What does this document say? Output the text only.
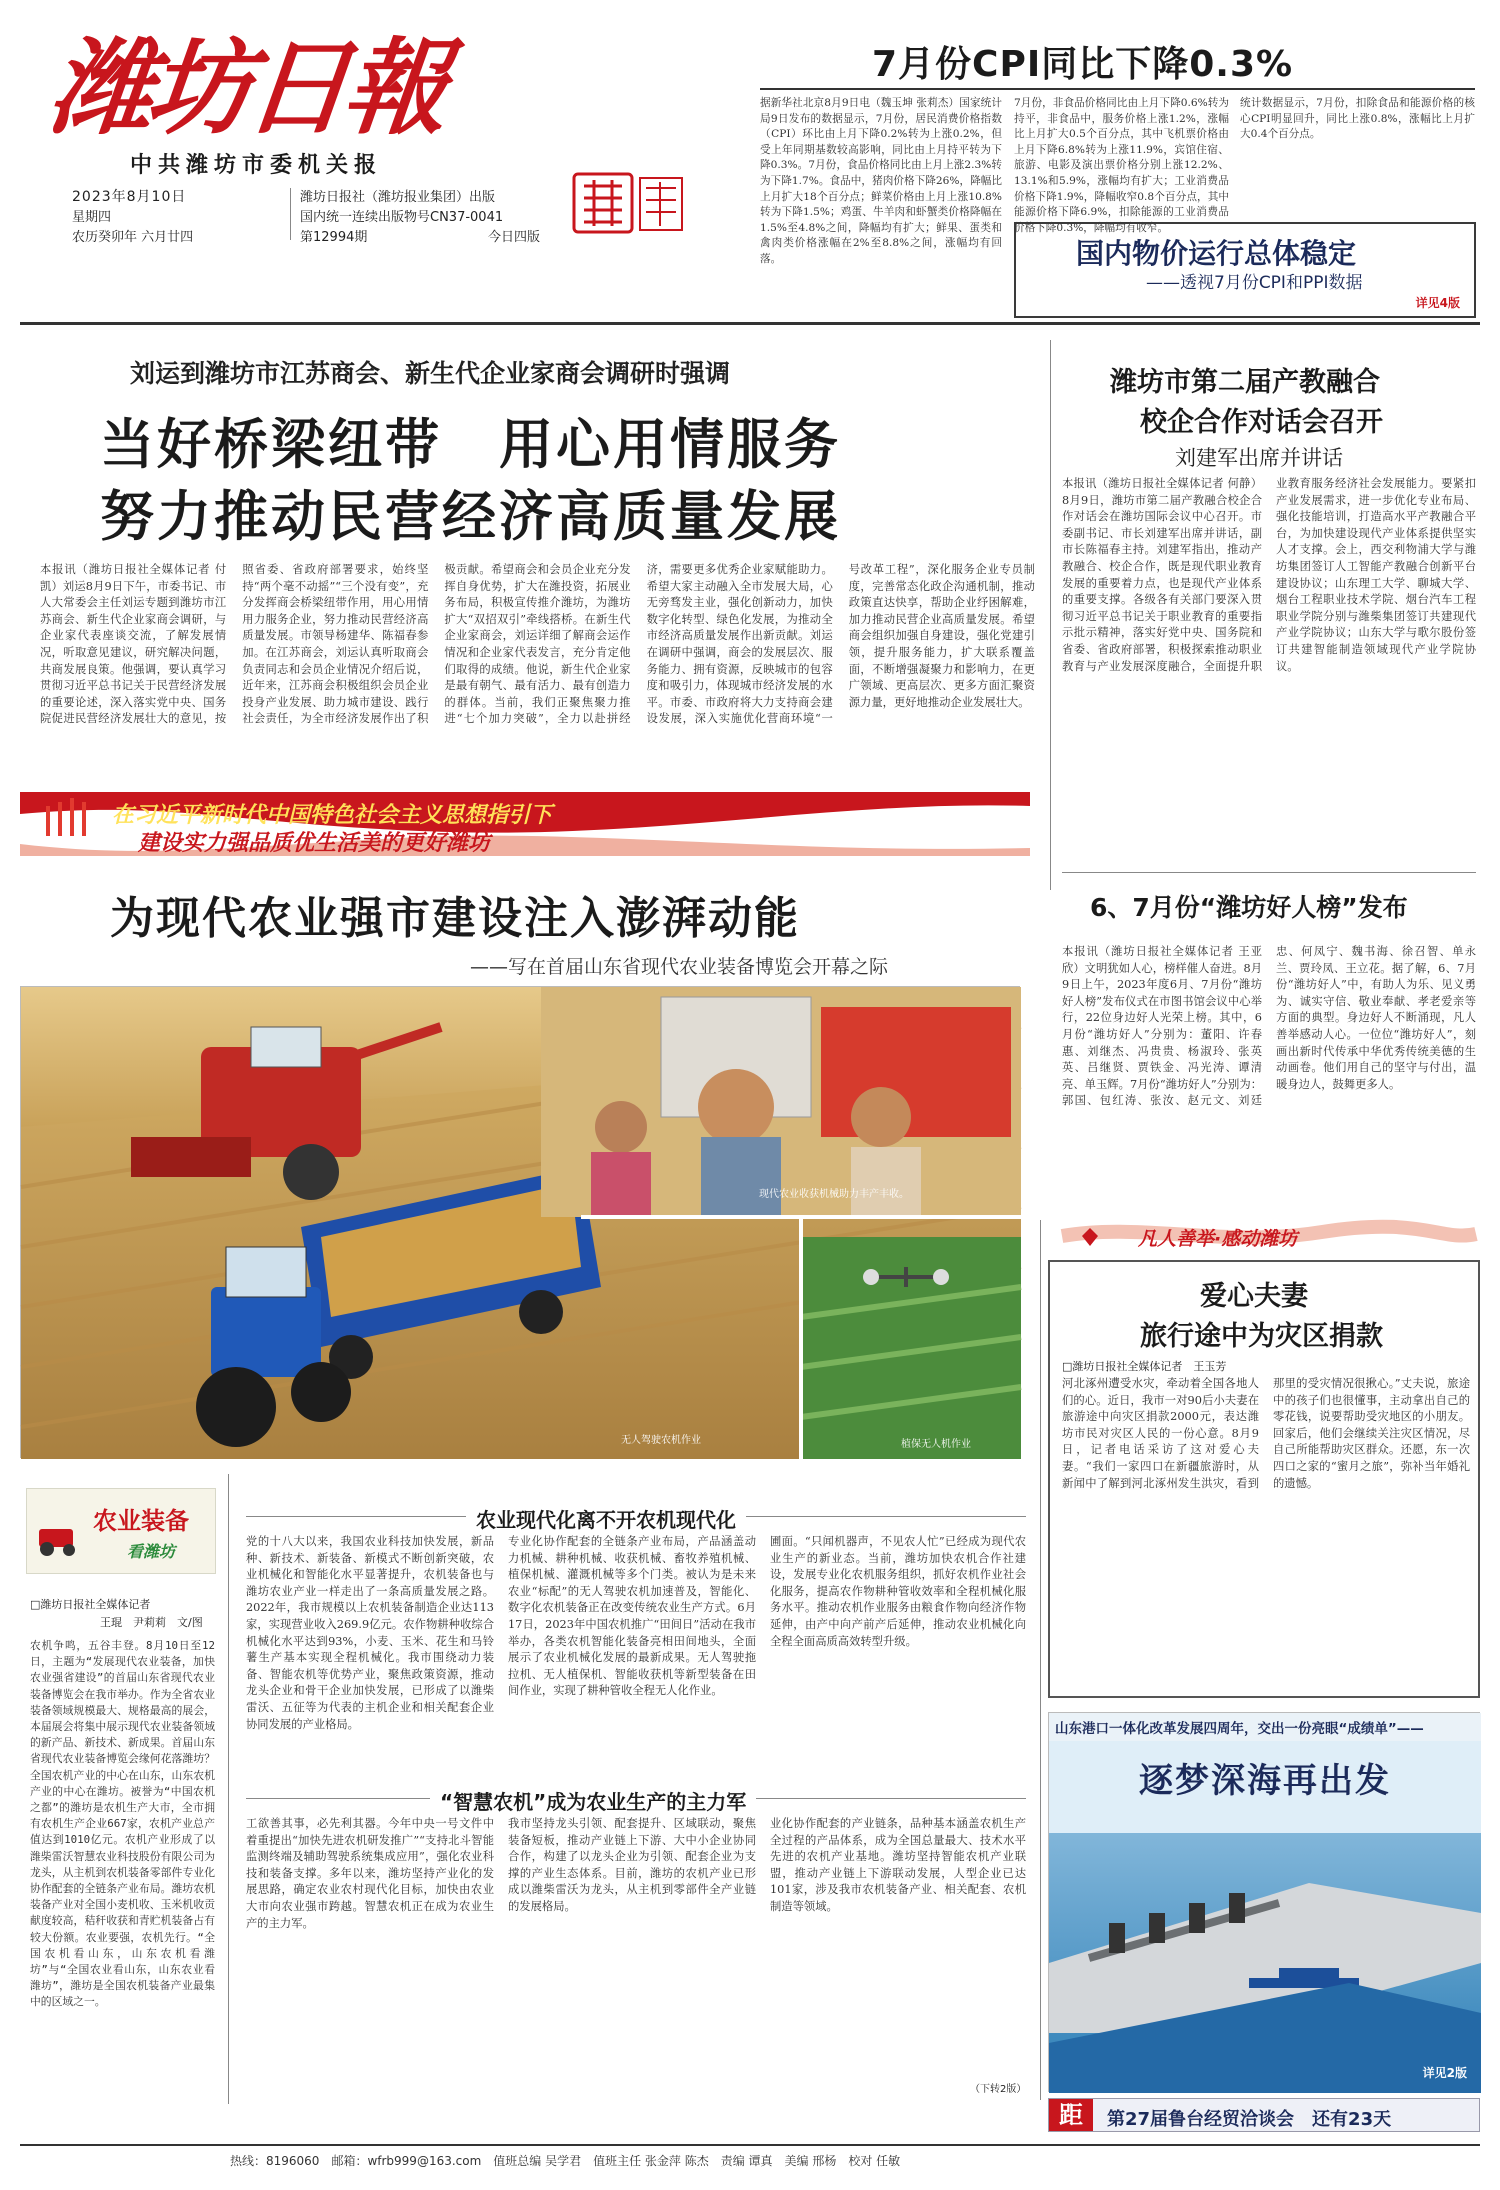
潍坊日報
中共潍坊市委机关报
2023年8月10日
星期四
农历癸卯年 六月廿四
潍坊日报社（潍坊报业集团）出版
国内统一连续出版物号CN37-0041
第12994期	今日四版
7月份CPI同比下降0.3%
据新华社北京8月9日电（魏玉坤 张莉杰）国家统计局9日发布的数据显示，7月份，居民消费价格指数（CPI）环比由上月下降0.2%转为上涨0.2%，但受上年同期基数较高影响，同比由上月持平转为下降0.3%。7月份，食品价格同比由上月上涨2.3%转为下降1.7%。食品中，猪肉价格下降26%，降幅比上月扩大18个百分点；鲜菜价格由上月上涨10.8%转为下降1.5%；鸡蛋、牛羊肉和虾蟹类价格降幅在1.5%至4.8%之间，降幅均有扩大；鲜果、蛋类和禽肉类价格涨幅在2%至8.8%之间，涨幅均有回落。
7月份，非食品价格同比由上月下降0.6%转为持平，非食品中，服务价格上涨1.2%，涨幅比上月扩大0.5个百分点，其中飞机票价格由上月下降6.8%转为上涨11.9%，宾馆住宿、旅游、电影及演出票价格分别上涨12.2%、13.1%和5.9%，涨幅均有扩大；工业消费品价格下降1.9%，降幅收窄0.8个百分点，其中能源价格下降6.9%，扣除能源的工业消费品价格下降0.3%，降幅均有收窄。
统计数据显示，7月份，扣除食品和能源价格的核心CPI明显回升，同比上涨0.8%，涨幅比上月扩大0.4个百分点。
国内物价运行总体稳定
——透视7月份CPI和PPI数据
详见4版
刘运到潍坊市江苏商会、新生代企业家商会调研时强调
当好桥梁纽带　用心用情服务
努力推动民营经济高质量发展
本报讯（潍坊日报社全媒体记者 付凯）刘运8月9日下午，市委书记、市人大常委会主任刘运专题到潍坊市江苏商会、新生代企业家商会调研，与企业家代表座谈交流，了解发展情况，听取意见建议，研究解决问题，共商发展良策。他强调，要认真学习贯彻习近平总书记关于民营经济发展的重要论述，深入落实党中央、国务院促进民营经济发展壮大的意见，按照省委、省政府部署要求，始终坚持“两个毫不动摇”“三个没有变”，充分发挥商会桥梁纽带作用，用心用情用力服务企业，努力推动民营经济高质量发展。市领导杨建华、陈福春参加。在江苏商会，刘运认真听取商会负责同志和会员企业情况介绍后说，近年来，江苏商会积极组织会员企业投身产业发展、助力城市建设、践行社会责任，为全市经济发展作出了积极贡献。希望商会和会员企业充分发挥自身优势，扩大在潍投资，拓展业务布局，积极宣传推介潍坊，为潍坊扩大“双招双引”牵线搭桥。在新生代企业家商会，刘运详细了解商会运作情况和企业家代表发言，充分肯定他们取得的成绩。他说，新生代企业家是最有朝气、最有活力、最有创造力的群体。当前，我们正聚焦聚力推进“七个加力突破”，全力以赴拼经济，需要更多优秀企业家赋能助力。希望大家主动融入全市发展大局，心无旁骛发主业，强化创新动力，加快数字化转型、绿色化发展，为推动全市经济高质量发展作出新贡献。刘运在调研中强调，商会的发展层次、服务能力、拥有资源，反映城市的包容度和吸引力，体现城市经济发展的水平。市委、市政府将大力支持商会建设发展，深入实施优化营商环境“一号改革工程”，深化服务企业专员制度，完善常态化政企沟通机制，推动政策直达快享，帮助企业纾困解难，加力推动民营企业高质量发展。希望商会组织加强自身建设，强化党建引领，提升服务能力，扩大联系覆盖面，不断增强凝聚力和影响力，在更广领域、更高层次、更多方面汇聚资源力量，更好地推动企业发展壮大。
潍坊市第二届产教融合
校企合作对话会召开
刘建军出席并讲话
本报讯（潍坊日报社全媒体记者 何静）8月9日，潍坊市第二届产教融合校企合作对话会在潍坊国际会议中心召开。市委副书记、市长刘建军出席并讲话，副市长陈福春主持。刘建军指出，推动产教融合、校企合作，既是现代职业教育发展的重要着力点，也是现代产业体系的重要支撑。各级各有关部门要深入贯彻习近平总书记关于职业教育的重要指示批示精神，落实好党中央、国务院和省委、省政府部署，积极探索推动职业教育与产业发展深度融合，全面提升职业教育服务经济社会发展能力。要紧扣产业发展需求，进一步优化专业布局、强化技能培训，打造高水平产教融合平台，为加快建设现代产业体系提供坚实人才支撑。会上，西交利物浦大学与潍坊集团签订人工智能产教融合创新平台建设协议；山东理工大学、聊城大学、烟台工程职业技术学院、烟台汽车工程职业学院分别与潍柴集团签订共建现代产业学院协议；山东大学与歌尔股份签订共建智能制造领域现代产业学院协议。
6、7月份“潍坊好人榜”发布
本报讯（潍坊日报社全媒体记者 王亚欣）文明犹如人心，榜样催人奋进。8月9日上午，2023年度6月、7月份“潍坊好人榜”发布仪式在市图书馆会议中心举行，22位身边好人光荣上榜。其中，6月份“潍坊好人”分别为：董阳、许春惠、刘继杰、冯贵贵、杨淑玲、张英英、吕继贤、贾铁金、冯光涛、谭清亮、单玉辉。7月份“潍坊好人”分别为：郭国、包红涛、张汝、赵元文、刘廷忠、何凤宁、魏书海、徐召智、单永兰、贾玲凤、王立花。据了解，6、7月份“潍坊好人”中，有助人为乐、见义勇为、诚实守信、敬业奉献、孝老爱亲等方面的典型。身边好人不断涌现，凡人善举感动人心。一位位“潍坊好人”，刻画出新时代传承中华优秀传统美德的生动画卷。他们用自己的坚守与付出，温暖身边人，鼓舞更多人。
在习近平新时代中国特色社会主义思想指引下
建设实力强品质优生活美的更好潍坊
为现代农业强市建设注入澎湃动能
——写在首届山东省现代农业装备博览会开幕之际
现代农业收获机械助力丰产丰收。
无人驾驶农机作业	植保无人机作业
农业装备
看潍坊
□潍坊日报社全媒体记者
王琨　尹莉莉　文/图
农机争鸣，五谷丰登。8月10日至12日，主题为“发展现代农业装备，加快农业强省建设”的首届山东省现代农业装备博览会在我市举办。作为全省农业装备领域规模最大、规格最高的展会，本届展会将集中展示现代农业装备领域的新产品、新技术、新成果。首届山东省现代农业装备博览会缘何花落潍坊？全国农机产业的中心在山东，山东农机产业的中心在潍坊。被誉为“中国农机之都”的潍坊是农机生产大市，全市拥有农机生产企业667家，农机产业总产值达到1010亿元。农机产业形成了以潍柴雷沃智慧农业科技股份有限公司为龙头，从主机到农机装备零部件专业化协作配套的全链条产业布局。潍坊农机装备产业对全国小麦机收、玉米机收贡献度较高，秸秆收获和青贮机装备占有较大份额。农业要强，农机先行。“全国农机看山东，山东农机看潍坊”与“全国农业看山东，山东农业看潍坊”，潍坊是全国农机装备产业最集中的区域之一。
农业现代化离不开农机现代化
党的十八大以来，我国农业科技加快发展，新品种、新技术、新装备、新模式不断创新突破，农业机械化和智能化水平显著提升，农机装备也与潍坊农业产业一样走出了一条高质量发展之路。2022年，我市规模以上农机装备制造企业达113家，实现营业收入269.9亿元。农作物耕种收综合机械化水平达到93%，小麦、玉米、花生和马铃薯生产基本实现全程机械化。我市围绕动力装备、智能农机等优势产业，聚焦政策资源，推动龙头企业和骨干企业加快发展，已形成了以潍柴雷沃、五征等为代表的主机企业和相关配套企业协同发展的产业格局。
专业化协作配套的全链条产业布局，产品涵盖动力机械、耕种机械、收获机械、畜牧养殖机械、植保机械、灌溉机械等多个门类。被认为是未来农业“标配”的无人驾驶农机加速普及，智能化、数字化农机装备正在改变传统农业生产方式。6月17日，2023年中国农机推广“田间日”活动在我市举办，各类农机智能化装备亮相田间地头，全面展示了农业机械化发展的最新成果。无人驾驶拖拉机、无人植保机、智能收获机等新型装备在田间作业，实现了耕种管收全程无人化作业。
圃面。“只闻机器声，不见农人忙”已经成为现代农业生产的新业态。当前，潍坊加快农机合作社建设，发展专业化农机服务组织，抓好农机作业社会化服务，提高农作物耕种管收效率和全程机械化服务水平。推动农机作业服务由粮食作物向经济作物延伸，由产中向产前产后延伸，推动农业机械化向全程全面高质高效转型升级。
“智慧农机”成为农业生产的主力军
工欲善其事，必先利其器。今年中央一号文件中着重提出“加快先进农机研发推广”“支持北斗智能监测终端及辅助驾驶系统集成应用”，强化农业科技和装备支撑。多年以来，潍坊坚持产业化的发展思路，确定农业农村现代化目标，加快由农业大市向农业强市跨越。智慧农机正在成为农业生产的主力军。
我市坚持龙头引领、配套提升、区域联动，聚焦装备短板，推动产业链上下游、大中小企业协同合作，构建了以龙头企业为引领、配套企业为支撑的产业生态体系。目前，潍坊的农机产业已形成以潍柴雷沃为龙头，从主机到零部件全产业链的发展格局。
业化协作配套的产业链条，品种基本涵盖农机生产全过程的产品体系，成为全国总量最大、技术水平先进的农机产业基地。潍坊坚持智能农机产业联盟，推动产业链上下游联动发展，人型企业已达101家，涉及我市农机装备产业、相关配套、农机制造等领域。
（下转2版）
凡人善举·感动潍坊
爱心夫妻
旅行途中为灾区捐款
□潍坊日报社全媒体记者　王玉芳
河北涿州遭受水灾，牵动着全国各地人们的心。近日，我市一对90后小夫妻在旅游途中向灾区捐款2000元，表达潍坊市民对灾区人民的一份心意。8月9日，记者电话采访了这对爱心夫妻。“我们一家四口在新疆旅游时，从新闻中了解到河北涿州发生洪灾，看到那里的受灾情况很揪心。”丈夫说，旅途中的孩子们也很懂事，主动拿出自己的零花钱，说要帮助受灾地区的小朋友。回家后，他们会继续关注灾区情况，尽自己所能帮助灾区群众。还愿，东一次四口之家的“蜜月之旅”，弥补当年婚礼的遗憾。
山东港口一体化改革发展四周年，交出一份亮眼“成绩单”——
逐梦深海再出发
详见2版
距	第27届鲁台经贸洽谈会　还有23天
热线：8196060　邮箱：wfrb999@163.com　值班总编 吴学君　值班主任 张金萍 陈杰　责编 谭真　美编 邢杨　校对 任敏
